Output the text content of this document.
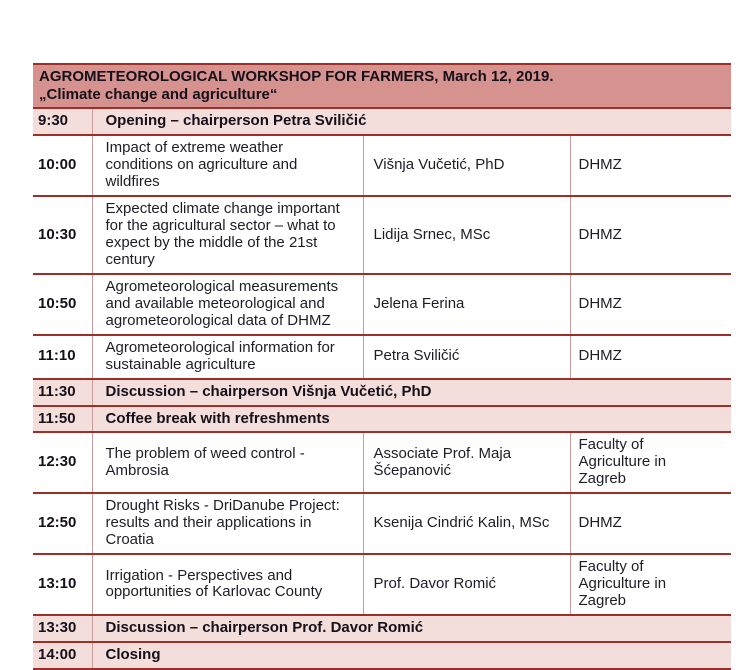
AGROMETEOROLOGICAL WORKSHOP FOR FARMERS, March 12, 2019.
„Climate change and agriculture“			

9:30	Opening – chairperson Petra Sviličić		
10:00	Impact of extreme weather conditions on agriculture and wildfires	Višnja Vučetić, PhD	DHMZ
10:30	Expected climate change important for the agricultural sector – what to expect by the middle of the 21st century	Lidija Srnec, MSc	DHMZ
10:50	Agrometeorological measurements and available meteorological and agrometeorological data of DHMZ	Jelena Ferina	DHMZ
11:10	Agrometeorological information for sustainable agriculture	Petra Sviličić	DHMZ
11:30	Discussion – chairperson Višnja Vučetić, PhD		
11:50	Coffee break with refreshments		
12:30	The problem of weed control - Ambrosia	Associate Prof. Maja Šćepanović	Faculty of Agriculture in Zagreb
12:50	Drought Risks - DriDanube Project: results and their applications in Croatia	Ksenija Cindrić Kalin, MSc	DHMZ
13:10	Irrigation - Perspectives and opportunities of Karlovac County	Prof. Davor Romić	Faculty of Agriculture in Zagreb
13:30	Discussion – chairperson Prof. Davor Romić		
14:00	Closing		
